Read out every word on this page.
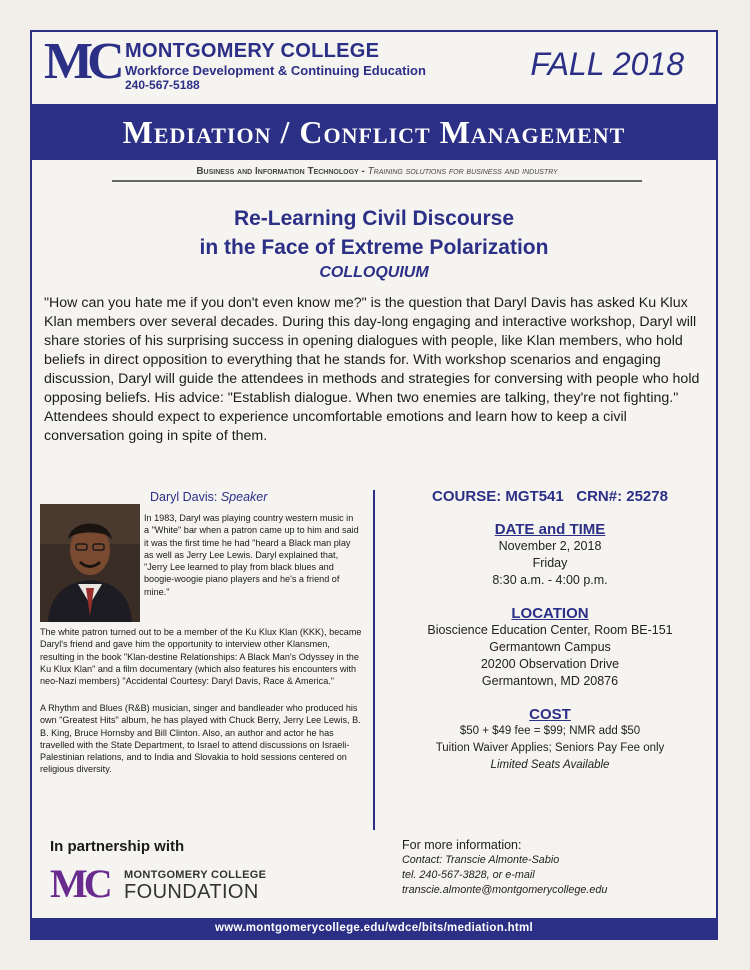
MC MONTGOMERY COLLEGE
Workforce Development & Continuing Education
240-567-5188
FALL 2018
Mediation / Conflict Management
Business and Information Technology - Training solutions for business and industry
Re-Learning Civil Discourse
in the Face of Extreme Polarization
COLLOQUIUM
"How can you hate me if you don't even know me?" is the question that Daryl Davis has asked Ku Klux Klan members over several decades. During this day-long engaging and interactive workshop, Daryl will share stories of his surprising success in opening dialogues with people, like Klan members, who hold beliefs in direct opposition to everything that he stands for. With workshop scenarios and engaging discussion, Daryl will guide the attendees in methods and strategies for conversing with people who hold opposing beliefs. His advice: "Establish dialogue. When two enemies are talking, they're not fighting." Attendees should expect to experience uncomfortable emotions and learn how to keep a civil conversation going in spite of them.
Daryl Davis: Speaker
In 1983, Daryl was playing country western music in a "White" bar when a patron came up to him and said it was the first time he had "heard a Black man play as well as Jerry Lee Lewis. Daryl explained that, "Jerry Lee learned to play from black blues and boogie-woogie piano players and he's a friend of mine."
The white patron turned out to be a member of the Ku Klux Klan (KKK), became Daryl's friend and gave him the opportunity to interview other Klansmen, resulting in the book "Klan-destine Relationships: A Black Man's Odyssey in the Ku Klux Klan" and a film documentary (which also features his encounters with neo-Nazi members) "Accidental Courtesy: Daryl Davis, Race & America."
A Rhythm and Blues (R&B) musician, singer and bandleader who produced his own "Greatest Hits" album, he has played with Chuck Berry, Jerry Lee Lewis, B. B. King, Bruce Hornsby and Bill Clinton. Also, an author and actor he has travelled with the State Department, to Israel to attend discussions on Israeli-Palestinian relations, and to India and Slovakia to hold sessions centered on religious diversity.
COURSE: MGT541 CRN#: 25278
DATE and TIME
November 2, 2018
Friday
8:30 a.m. - 4:00 p.m.
LOCATION
Bioscience Education Center, Room BE-151
Germantown Campus
20200 Observation Drive
Germantown, MD 20876
COST
$50 + $49 fee = $99; NMR add $50
Tuition Waiver Applies; Seniors Pay Fee only
Limited Seats Available
In partnership with
MC MONTGOMERY COLLEGE
FOUNDATION
For more information:
Contact: Transcie Almonte-Sabio
tel. 240-567-3828, or e-mail
transcie.almonte@montgomerycollege.edu
www.montgomerycollege.edu/wdce/bits/mediation.html
